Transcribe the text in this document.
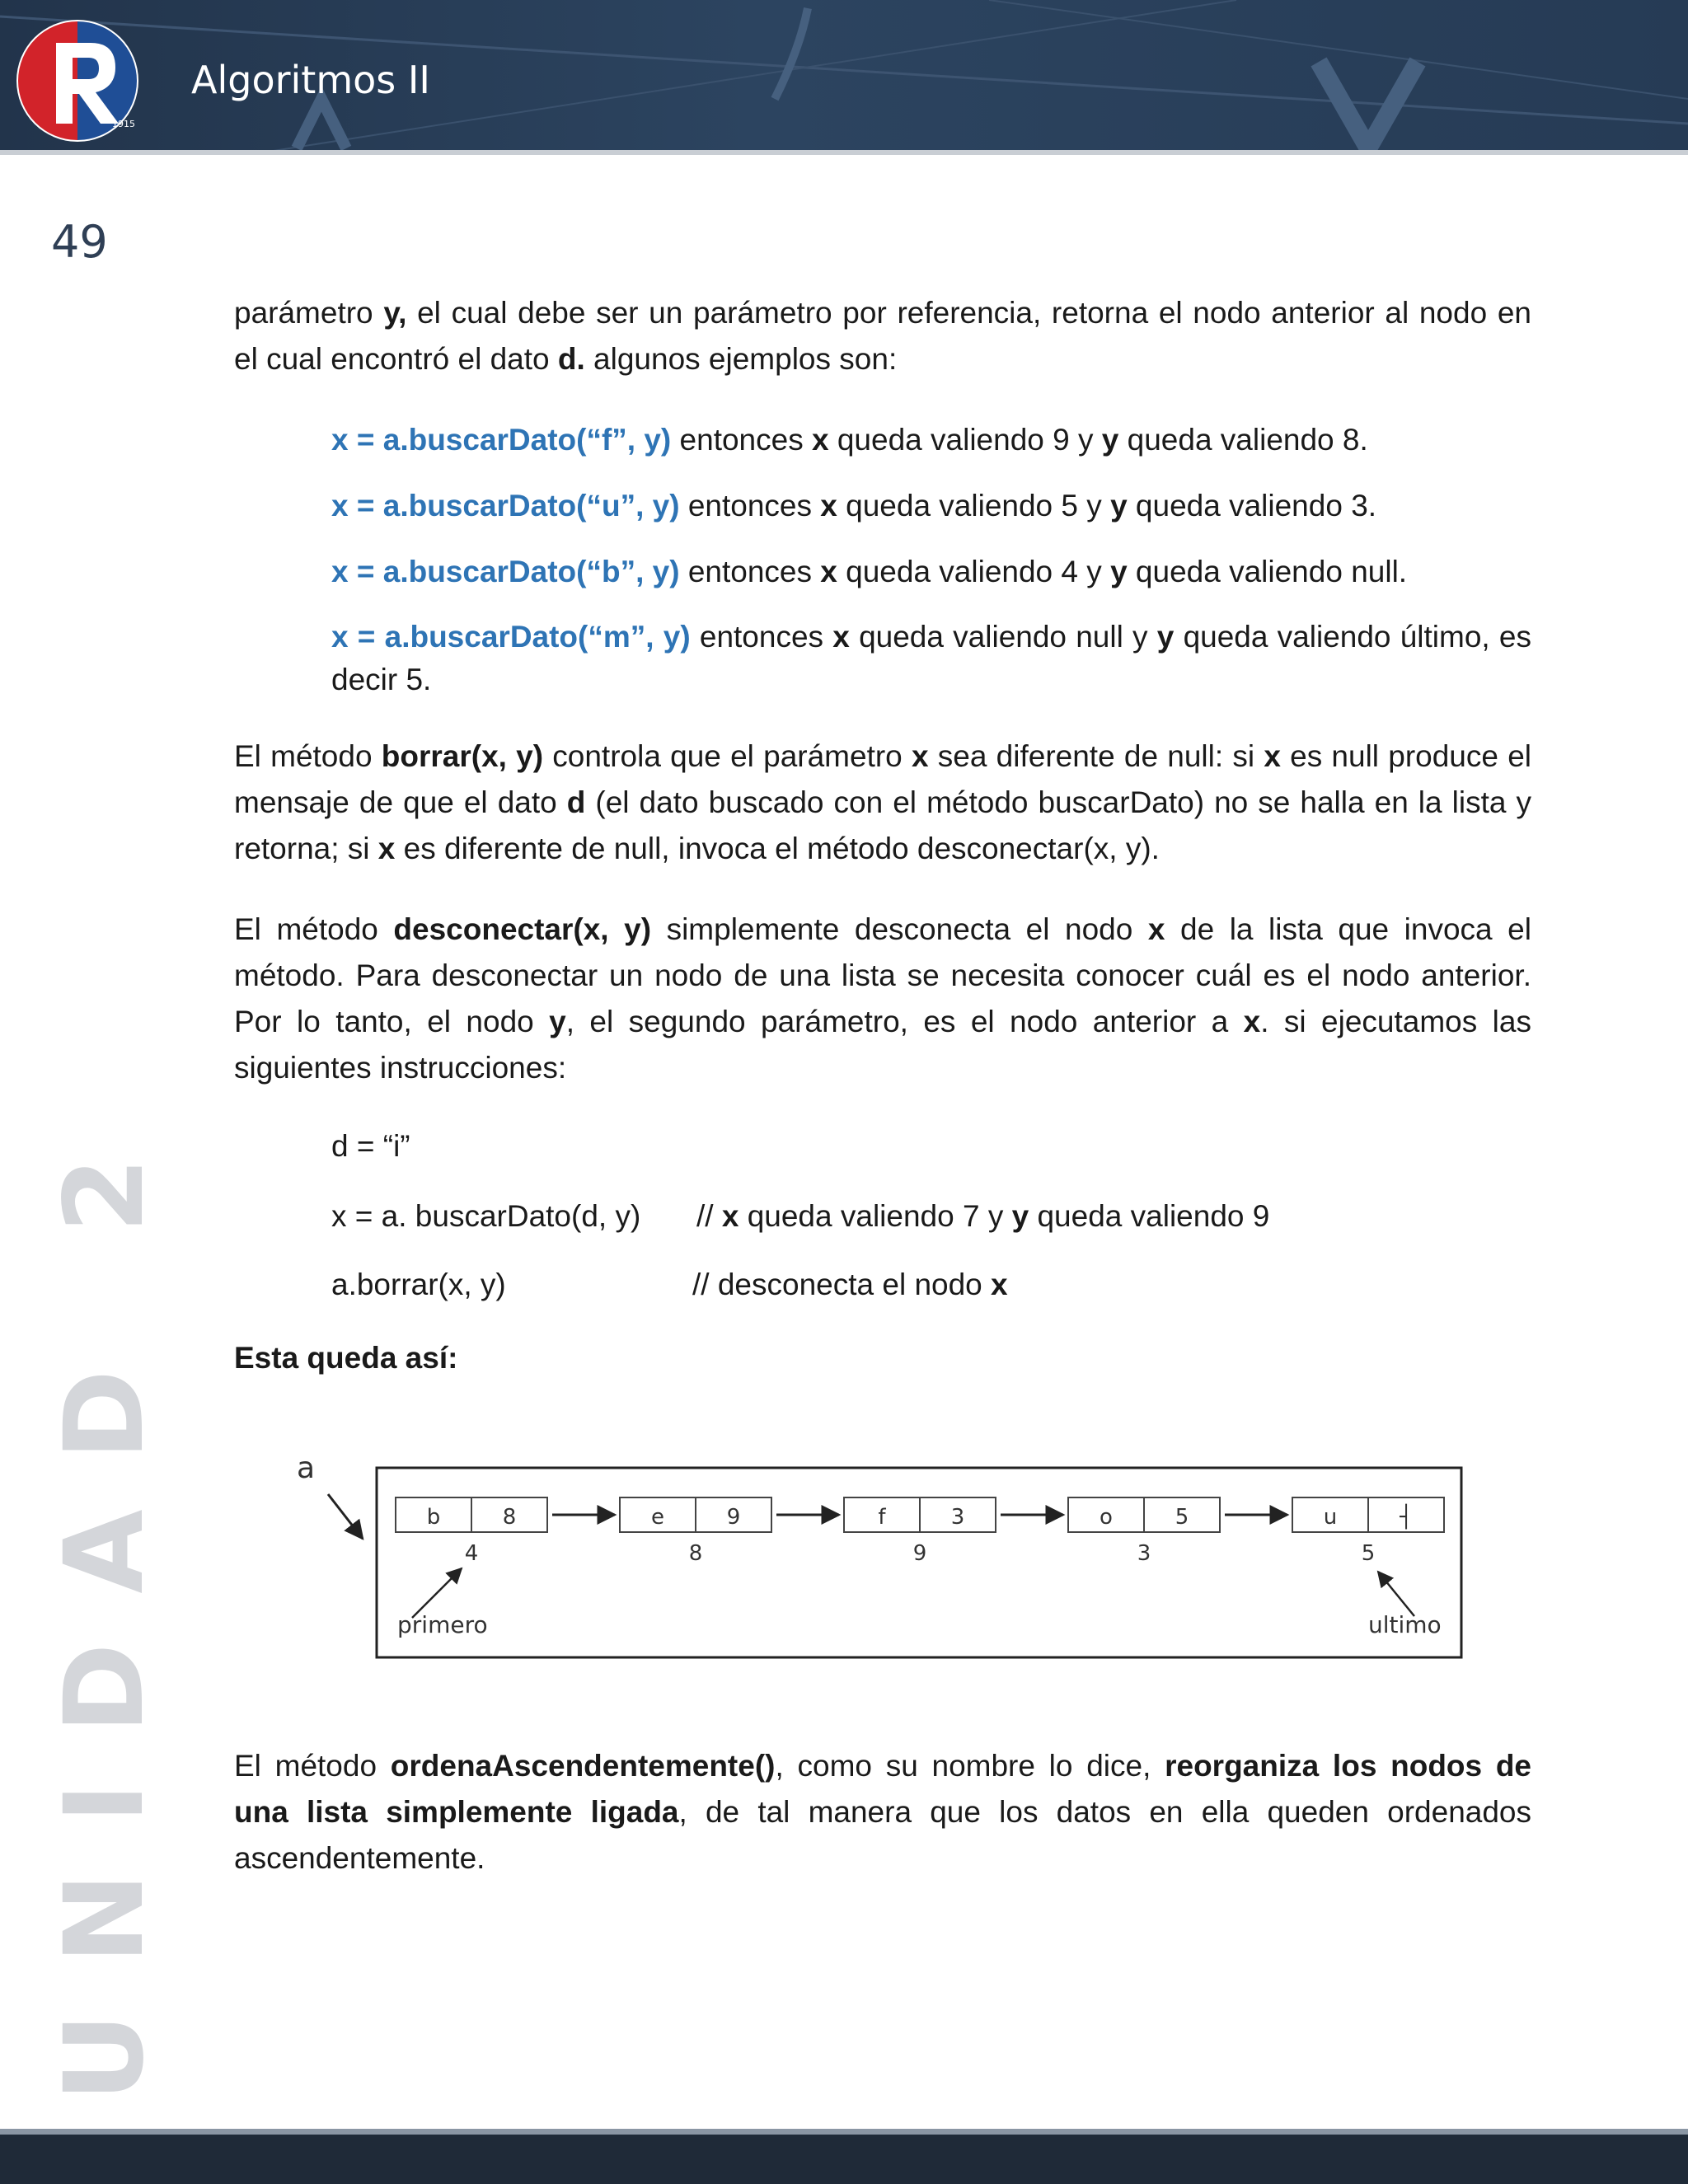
1915
Algoritmos II
49
UNIDAD 2
parámetro y, el cual debe ser un parámetro por referencia, retorna el nodo anterior al nodo en el cual encontró el dato d. algunos ejemplos son:
x = a.buscarDato(“f”, y) entonces x queda valiendo 9 y y queda valiendo 8.
x = a.buscarDato(“u”, y) entonces x queda valiendo 5 y y queda valiendo 3.
x = a.buscarDato(“b”, y) entonces x queda valiendo 4 y y queda valiendo null.
x = a.buscarDato(“m”, y) entonces x queda valiendo null y y queda valiendo último, es decir 5.
El método borrar(x, y) controla que el parámetro x sea diferente de null: si x es null produce el mensaje de que el dato d (el dato buscado con el método buscarDato) no se halla en la lista y retorna; si x es diferente de null, invoca el método desconectar(x, y).
El método desconectar(x, y) simplemente desconecta el nodo x de la lista que invoca el método. Para desconectar un nodo de una lista se necesita conocer cuál es el nodo anterior. Por lo tanto, el nodo y, el segundo parámetro, es el nodo anterior a x. si ejecutamos las siguientes instrucciones:
d = “i”
x = a. buscarDato(d, y) // x queda valiendo 7 y y queda valiendo 9
a.borrar(x, y)	// desconecta el nodo x
Esta queda así:
a
b	8
4
e	9
8
f	3
9
o	5
3
u	┤
5
primero	ultimo
El método ordenaAscendentemente(), como su nombre lo dice, reorganiza los nodos de una lista simplemente ligada, de tal manera que los datos en ella queden ordenados ascendentemente.
